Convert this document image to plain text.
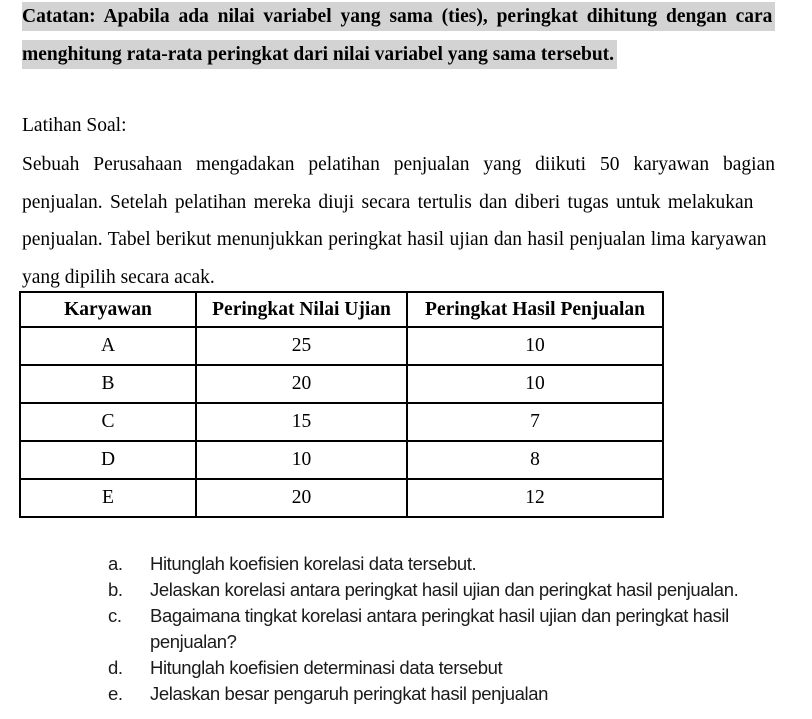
Catatan: Apabila ada nilai variabel yang sama (ties), peringkat dihitung dengan cara
menghitung rata-rata peringkat dari nilai variabel yang sama tersebut.
Latihan Soal:
Sebuah Perusahaan mengadakan pelatihan penjualan yang diikuti 50 karyawan bagian
penjualan. Setelah pelatihan mereka diuji secara tertulis dan diberi tugas untuk melakukan
penjualan. Tabel berikut menunjukkan peringkat hasil ujian dan hasil penjualan lima karyawan
yang dipilih secara acak.
Karyawan	Peringkat Nilai Ujian	Peringkat Hasil Penjualan
A	25	10
B	20	10
C	15	7
D	10	8
E	20	12
a. Hitunglah koefisien korelasi data tersebut.
b. Jelaskan korelasi antara peringkat hasil ujian dan peringkat hasil penjualan.
c. Bagaimana tingkat korelasi antara peringkat hasil ujian dan peringkat hasil
penjualan?
d. Hitunglah koefisien determinasi data tersebut
e. Jelaskan besar pengaruh peringkat hasil penjualan
